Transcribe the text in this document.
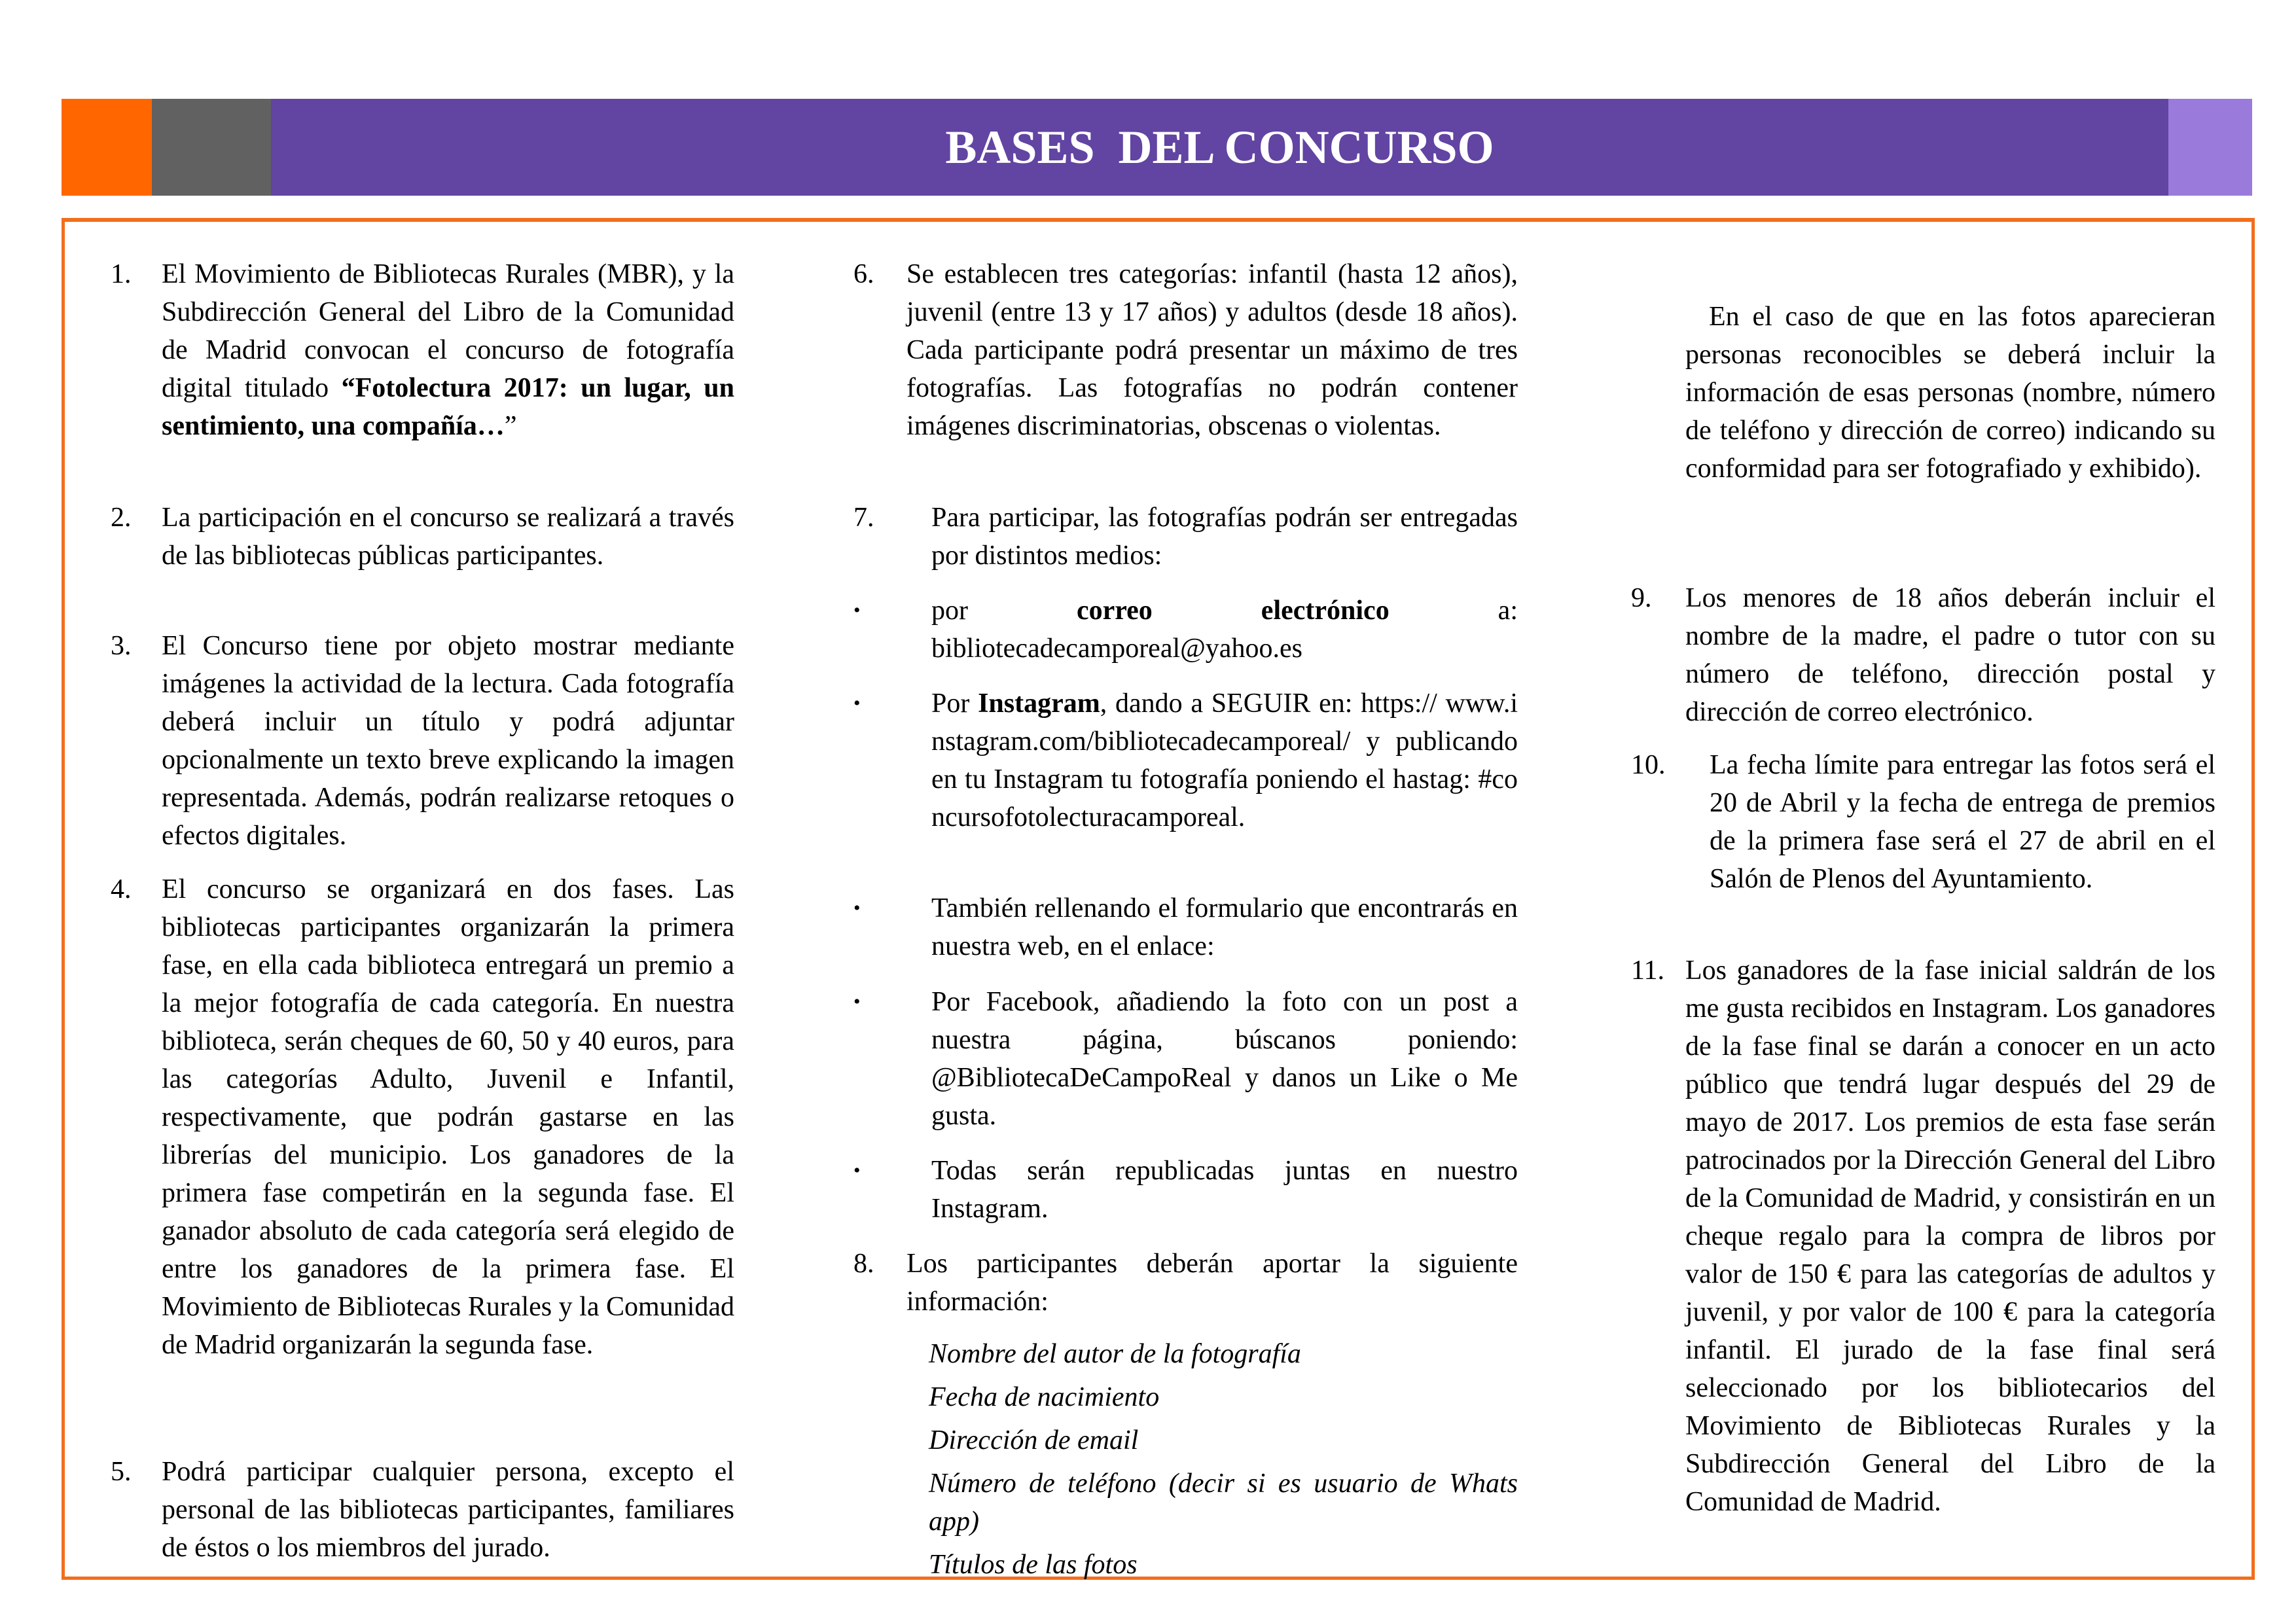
BASES  DEL CONCURSO
1. El Movimiento de Bibliotecas Rurales (MBR), y la Subdirección General del Libro de la Comunidad de Madrid convocan el concurso de fotografía digital titulado “Fotolectura 2017: un lugar, un sentimiento, una compañía…”
2. La participación en el concurso se realizará a través de las bibliotecas públicas participantes.
3. El Concurso tiene por objeto mostrar mediante imágenes la actividad de la lectura. Cada fotografía deberá incluir un título y podrá adjuntar opcionalmente un texto breve explicando la imagen representada. Además, podrán realizarse retoques o efectos digitales.
4. El concurso se organizará en dos fases. Las bibliotecas participantes organizarán la primera fase, en ella cada biblioteca entregará un premio a la mejor fotografía de cada categoría. En nuestra biblioteca, serán cheques de 60, 50 y 40 euros, para las categorías Adulto, Juvenil e Infantil, respectivamente, que podrán gastarse en las librerías del municipio. Los ganadores de la primera fase competirán en la segunda fase. El ganador absoluto de cada categoría será elegido de entre los ganadores de la primera fase. El Movimiento de Bibliotecas Rurales y la Comunidad de Madrid organizarán la segunda fase.
5. Podrá participar cualquier persona, excepto el personal de las bibliotecas participantes, familiares de éstos o los miembros del jurado.
6. Se establecen tres categorías: infantil (hasta 12 años), juvenil (entre 13 y 17 años) y adultos (desde 18 años). Cada participante podrá presentar un máximo de tres fotografías. Las fotografías no podrán contener imágenes discriminatorias, obscenas o violentas.
7. Para participar, las fotografías podrán ser entregadas por distintos medios:
•	por correo	electrónico a: bibliotecadecamporeal@yahoo.es
•	Por Instagram, dando a SEGUIR en: https:// www.instagram.com/bibliotecadecamporeal/ y publicando en tu Instagram tu fotografía poniendo el hastag: #concursofotolecturacamporeal.
•	También rellenando el formulario que encontrarás en nuestra web, en el enlace:
•	Por Facebook, añadiendo la foto con un post a nuestra página, búscanos poniendo: @BibliotecaDeCampoReal y danos un Like o Me gusta.
•	Todas serán republicadas juntas en nuestro Instagram.
8. Los participantes deberán aportar la siguiente información:
Nombre del autor de la fotografía
Fecha de nacimiento
Dirección de email
Número de teléfono (decir si es usuario de Whats app)
Títulos de las fotos
En el caso de que en las fotos aparecieran personas reconocibles se deberá incluir la información de esas personas (nombre, número de teléfono y dirección de correo) indicando su conformidad para ser fotografiado y exhibido).
9. Los menores de 18 años deberán incluir el nombre de la madre, el padre o tutor con su número de teléfono, dirección postal y dirección de correo electrónico.
10. La fecha límite para entregar las fotos será el 20 de Abril y la fecha de entrega de premios de la primera fase será el 27 de abril en el Salón de Plenos del Ayuntamiento.
11. Los ganadores de la fase inicial saldrán de los me gusta recibidos en Instagram. Los ganadores de la fase final se darán a conocer en un acto público que tendrá lugar después del 29 de mayo de 2017. Los premios de esta fase serán patrocinados por la Dirección General del Libro de la Comunidad de Madrid, y consistirán en un cheque regalo para la compra de libros por valor de 150 € para las categorías de adultos y juvenil, y por valor de 100 € para la categoría infantil. El jurado de la fase final será seleccionado por los bibliotecarios del Movimiento de Bibliotecas Rurales y la Subdirección General del Libro de la Comunidad de Madrid.
